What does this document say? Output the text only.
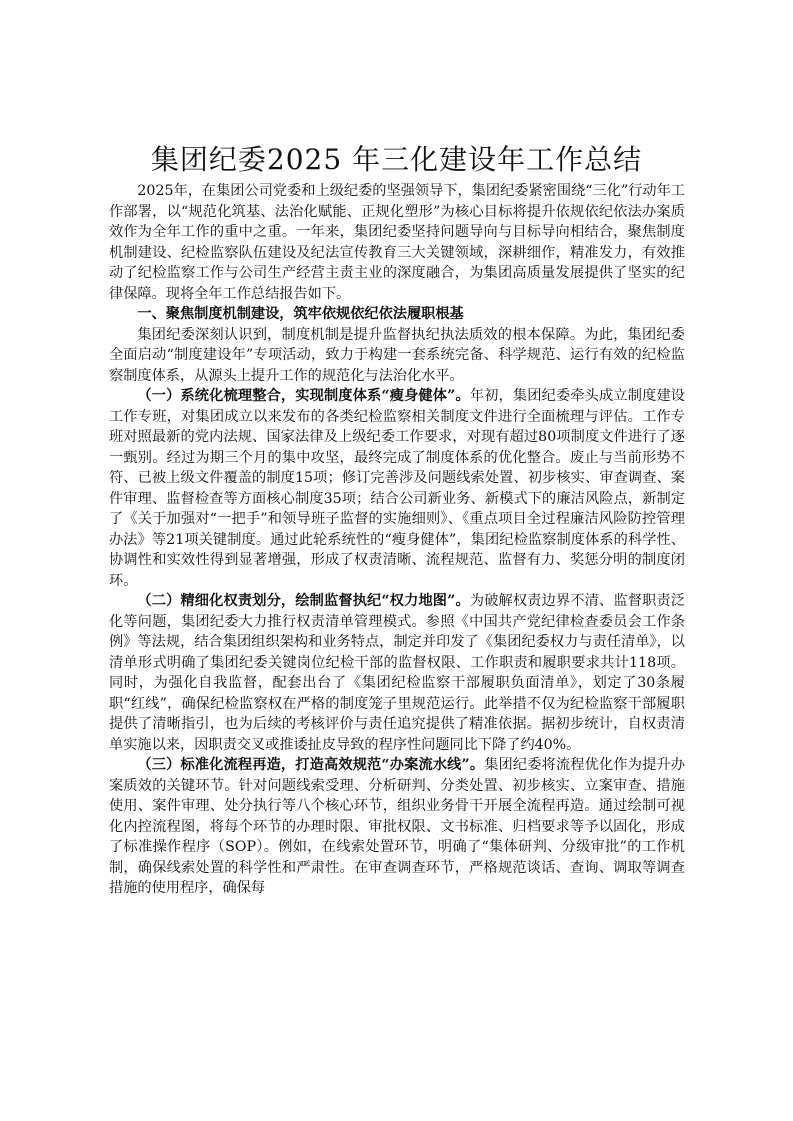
集团纪委2025 年三化建设年工作总结

2025年，在集团公司党委和上级纪委的坚强领导下，集团纪委紧密围绕“三化”行动年工作部署，以“规范化筑基、法治化赋能、正规化塑形”为核心目标将提升依规依纪依法办案质效作为全年工作的重中之重。一年来，集团纪委坚持问题导向与目标导向相结合，聚焦制度机制建设、纪检监察队伍建设及纪法宣传教育三大关键领域，深耕细作，精准发力，有效推动了纪检监察工作与公司生产经营主责主业的深度融合，为集团高质量发展提供了坚实的纪律保障。现将全年工作总结报告如下。

一、聚焦制度机制建设，筑牢依规依纪依法履职根基

集团纪委深刻认识到，制度机制是提升监督执纪执法质效的根本保障。为此，集团纪委全面启动“制度建设年”专项活动，致力于构建一套系统完备、科学规范、运行有效的纪检监察制度体系，从源头上提升工作的规范化与法治化水平。

（一）系统化梳理整合，实现制度体系“瘦身健体”。年初，集团纪委牵头成立制度建设工作专班，对集团成立以来发布的各类纪检监察相关制度文件进行全面梳理与评估。工作专班对照最新的党内法规、国家法律及上级纪委工作要求，对现有超过80项制度文件进行了逐一甄别。经过为期三个月的集中攻坚，最终完成了制度体系的优化整合。废止与当前形势不符、已被上级文件覆盖的制度15项；修订完善涉及问题线索处置、初步核实、审查调查、案件审理、监督检查等方面核心制度35项；结合公司新业务、新模式下的廉洁风险点，新制定了《关于加强对“一把手”和领导班子监督的实施细则》、《重点项目全过程廉洁风险防控管理办法》等21项关键制度。通过此轮系统性的“瘦身健体”，集团纪检监察制度体系的科学性、协调性和实效性得到显著增强，形成了权责清晰、流程规范、监督有力、奖惩分明的制度闭环。

（二）精细化权责划分，绘制监督执纪“权力地图”。为破解权责边界不清、监督职责泛化等问题，集团纪委大力推行权责清单管理模式。参照《中国共产党纪律检查委员会工作条例》等法规，结合集团组织架构和业务特点，制定并印发了《集团纪委权力与责任清单》，以清单形式明确了集团纪委关键岗位纪检干部的监督权限、工作职责和履职要求共计118项。同时，为强化自我监督，配套出台了《集团纪检监察干部履职负面清单》，划定了30条履职“红线”，确保纪检监察权在严格的制度笼子里规范运行。此举措不仅为纪检监察干部履职提供了清晰指引，也为后续的考核评价与责任追究提供了精准依据。据初步统计，自权责清单实施以来，因职责交叉或推诿扯皮导致的程序性问题同比下降了约40%。

（三）标准化流程再造，打造高效规范“办案流水线”。集团纪委将流程优化作为提升办案质效的关键环节。针对问题线索受理、分析研判、分类处置、初步核实、立案审查、措施使用、案件审理、处分执行等八个核心环节，组织业务骨干开展全流程再造。通过绘制可视化内控流程图，将每个环节的办理时限、审批权限、文书标准、归档要求等予以固化，形成了标准操作程序（SOP）。例如，在线索处置环节，明确了“集体研判、分级审批”的工作机制，确保线索处置的科学性和严肃性。在审查调查环节，严格规范谈话、查询、调取等调查措施的使用程序，确保每
